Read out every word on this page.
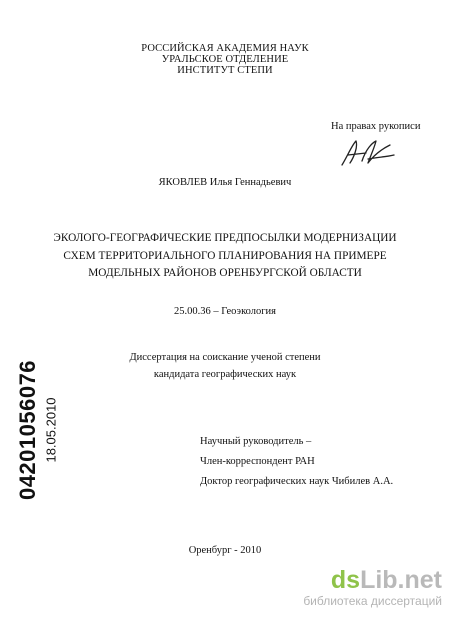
РОССИЙСКАЯ АКАДЕМИЯ НАУК
УРАЛЬСКОЕ ОТДЕЛЕНИЕ
ИНСТИТУТ СТЕПИ
На правах рукописи
ЯКОВЛЕВ Илья Геннадьевич
ЭКОЛОГО-ГЕОГРАФИЧЕСКИЕ ПРЕДПОСЫЛКИ МОДЕРНИЗАЦИИ
СХЕМ ТЕРРИТОРИАЛЬНОГО ПЛАНИРОВАНИЯ НА ПРИМЕРЕ
МОДЕЛЬНЫХ РАЙОНОВ ОРЕНБУРГСКОЙ ОБЛАСТИ
25.00.36 – Геоэкология
Диссертация на соискание ученой степени
кандидата географических наук
Научный руководитель –
Член-корреспондент РАН
Доктор географических наук Чибилев А.А.
Оренбург - 2010
04201056076 18.05.2010
dsLib.net
библиотека диссертаций
